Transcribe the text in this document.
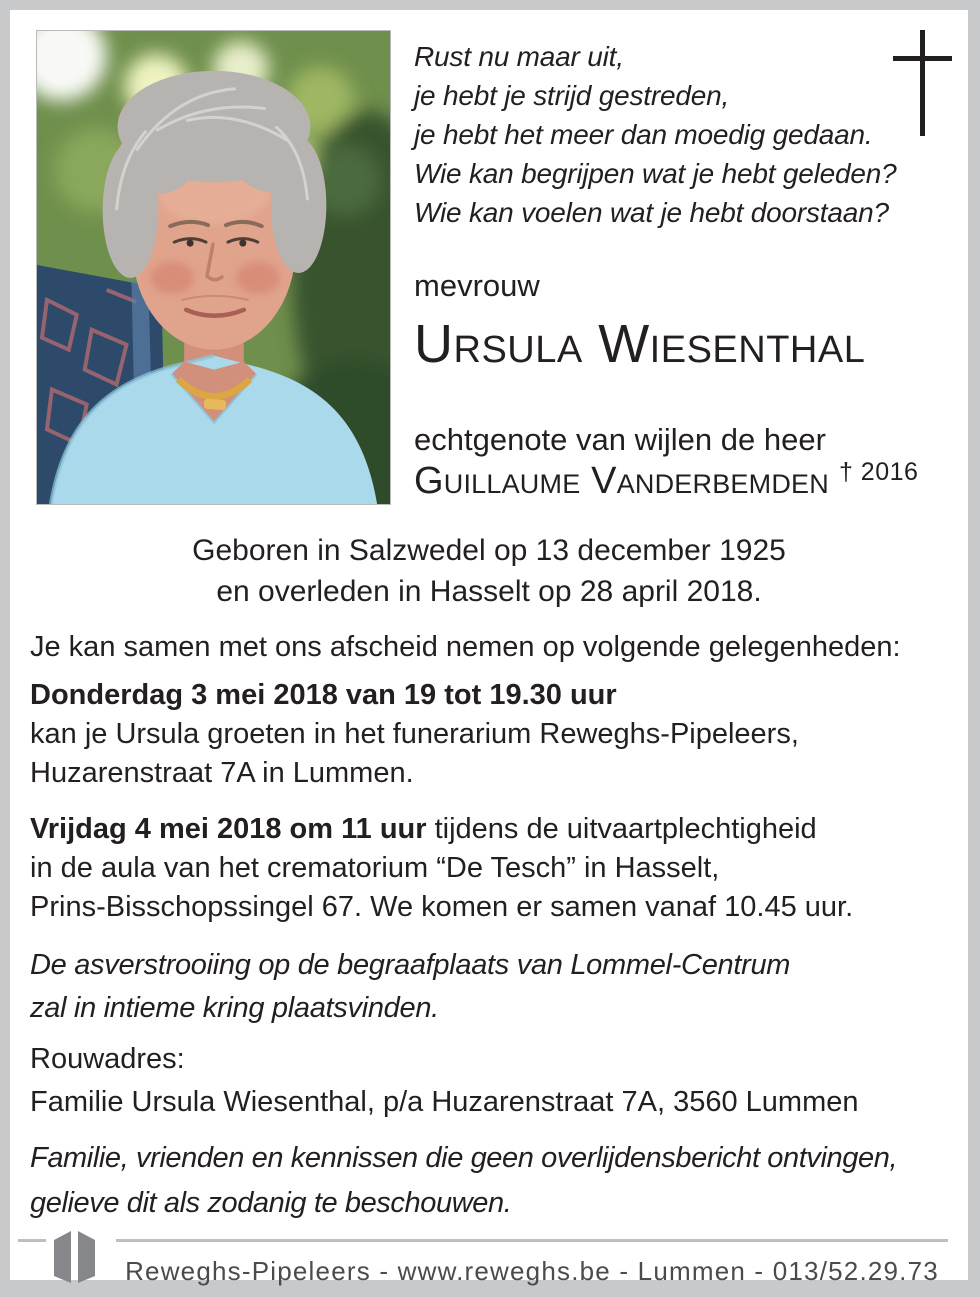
Rust nu maar uit,
je hebt je strijd gestreden,
je hebt het meer dan moedig gedaan.
Wie kan begrijpen wat je hebt geleden?
Wie kan voelen wat je hebt doorstaan?
mevrouw
Ursula Wiesenthal
echtgenote van wijlen de heer
Guillaume Vanderbemden † 2016
Geboren in Salzwedel op 13 december 1925
en overleden in Hasselt op 28 april 2018.
Je kan samen met ons afscheid nemen op volgende gelegenheden:
Donderdag 3 mei 2018 van 19 tot 19.30 uur
kan je Ursula groeten in het funerarium Reweghs-Pipeleers,
Huzarenstraat 7A in Lummen.
Vrijdag 4 mei 2018 om 11 uur tijdens de uitvaartplechtigheid
in de aula van het crematorium “De Tesch” in Hasselt,
Prins-Bisschopssingel 67. We komen er samen vanaf 10.45 uur.
De asverstrooiing op de begraafplaats van Lommel-Centrum
zal in intieme kring plaatsvinden.
Rouwadres:
Familie Ursula Wiesenthal, p/a Huzarenstraat 7A, 3560 Lummen
Familie, vrienden en kennissen die geen overlijdensbericht ontvingen,
gelieve dit als zodanig te beschouwen.
Reweghs-Pipeleers - www.reweghs.be - Lummen - 013/52.29.73
